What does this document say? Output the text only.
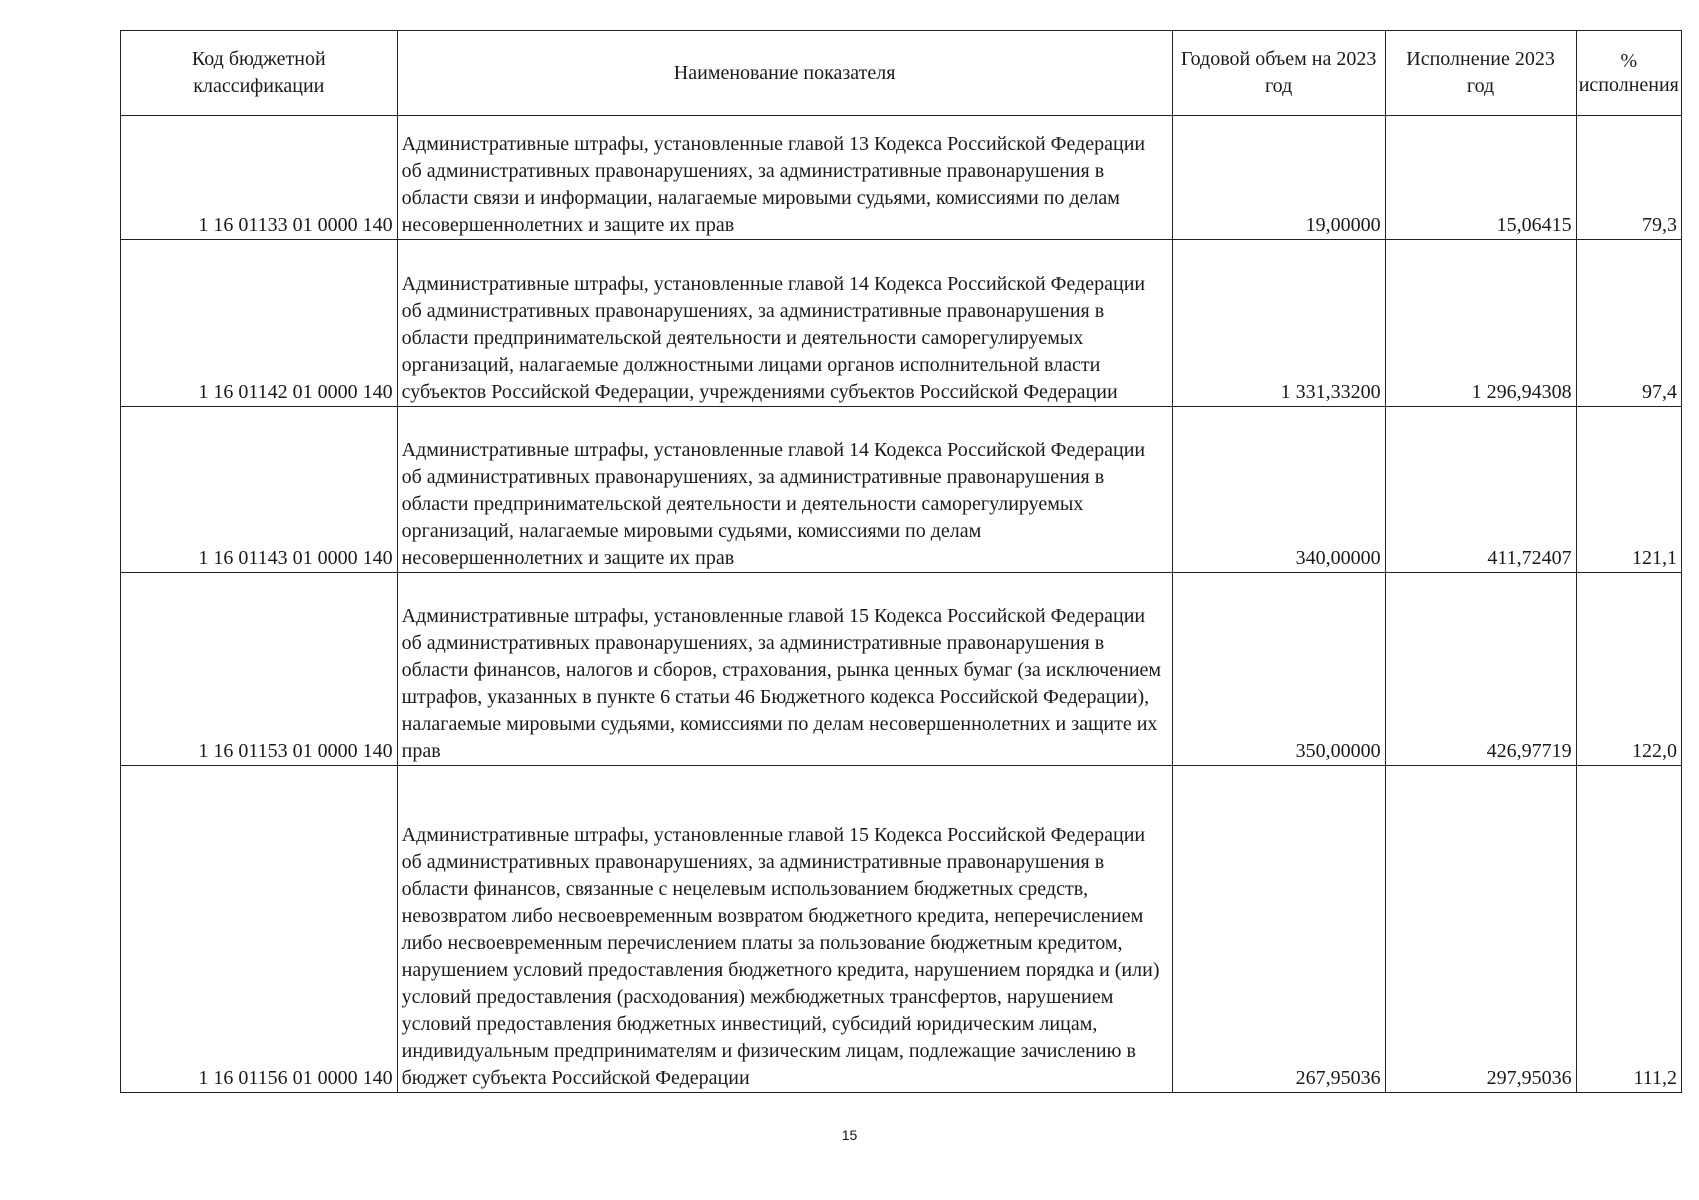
Код бюджетной классификации	Наименование показателя	Годовой объем на 2023 год	Исполнение 2023 год	%
исполнения

1 16 01133 01 0000 140	Административные штрафы, установленные главой 13 Кодекса Российской Федерации об административных правонарушениях, за административные правонарушения в области связи и информации, налагаемые мировыми судьями, комиссиями по делам несовершеннолетних и защите их прав	19,00000	15,06415	79,3
1 16 01142 01 0000 140	Административные штрафы, установленные главой 14 Кодекса Российской Федерации об административных правонарушениях, за административные правонарушения в области предпринимательской деятельности и деятельности саморегулируемых организаций, налагаемые должностными лицами органов исполнительной власти субъектов Российской Федерации, учреждениями субъектов Российской Федерации	1 331,33200	1 296,94308	97,4
1 16 01143 01 0000 140	Административные штрафы, установленные главой 14 Кодекса Российской Федерации об административных правонарушениях, за административные правонарушения в области предпринимательской деятельности и деятельности саморегулируемых организаций, налагаемые мировыми судьями, комиссиями по делам несовершеннолетних и защите их прав	340,00000	411,72407	121,1
1 16 01153 01 0000 140	Административные штрафы, установленные главой 15 Кодекса Российской Федерации об административных правонарушениях, за административные правонарушения в области финансов, налогов и сборов, страхования, рынка ценных бумаг (за исключением штрафов, указанных в пункте 6 статьи 46 Бюджетного кодекса Российской Федерации), налагаемые мировыми судьями, комиссиями по делам несовершеннолетних и защите их прав	350,00000	426,97719	122,0
1 16 01156 01 0000 140	Административные штрафы, установленные главой 15 Кодекса Российской Федерации об административных правонарушениях, за административные правонарушения в области финансов, связанные с нецелевым использованием бюджетных средств, невозвратом либо несвоевременным возвратом бюджетного кредита, неперечислением либо несвоевременным перечислением платы за пользование бюджетным кредитом, нарушением условий предоставления бюджетного кредита, нарушением порядка и (или) условий предоставления (расходования) межбюджетных трансфертов, нарушением условий предоставления бюджетных инвестиций, субсидий юридическим лицам, индивидуальным предпринимателям и физическим лицам, подлежащие зачислению в бюджет субъекта Российской Федерации	267,95036	297,95036	111,2
15
